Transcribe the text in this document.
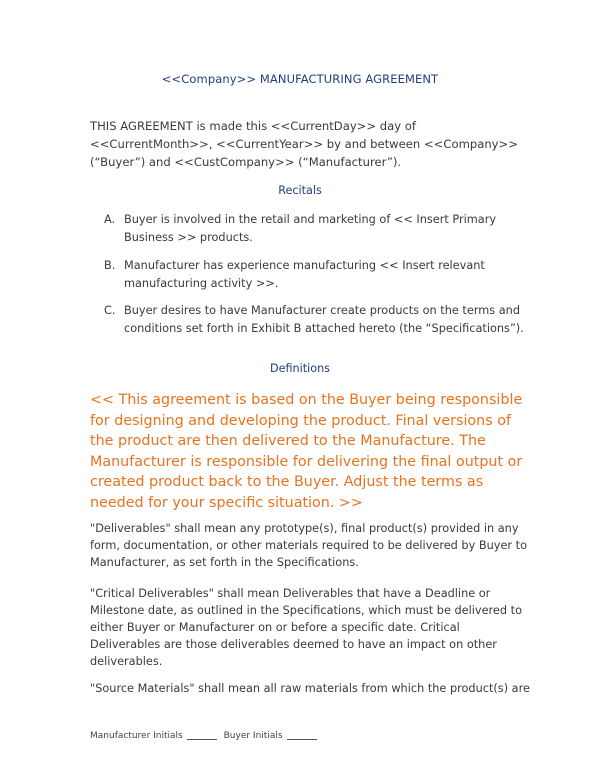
<<Company>> MANUFACTURING AGREEMENT
THIS AGREEMENT is made this <<CurrentDay>> day of <<CurrentMonth>>, <<CurrentYear>> by and between <<Company>> (“Buyer”) and <<CustCompany>> (“Manufacturer”).
Recitals
A. Buyer is involved in the retail and marketing of << Insert Primary Business >> products.
B. Manufacturer has experience manufacturing << Insert relevant manufacturing activity >>.
C. Buyer desires to have Manufacturer create products on the terms and conditions set forth in Exhibit B attached hereto (the “Specifications”).
Definitions
<< This agreement is based on the Buyer being responsible for designing and developing the product. Final versions of the product are then delivered to the Manufacture. The Manufacturer is responsible for delivering the final output or created product back to the Buyer. Adjust the terms as needed for your specific situation. >>
"Deliverables" shall mean any prototype(s), final product(s) provided in any form, documentation, or other materials required to be delivered by Buyer to Manufacturer, as set forth in the Specifications.
"Critical Deliverables" shall mean Deliverables that have a Deadline or Milestone date, as outlined in the Specifications, which must be delivered to either Buyer or Manufacturer on or before a specific date. Critical Deliverables are those deliverables deemed to have an impact on other deliverables.
"Source Materials" shall mean all raw materials from which the product(s) are
Manufacturer Initials	Buyer Initials
